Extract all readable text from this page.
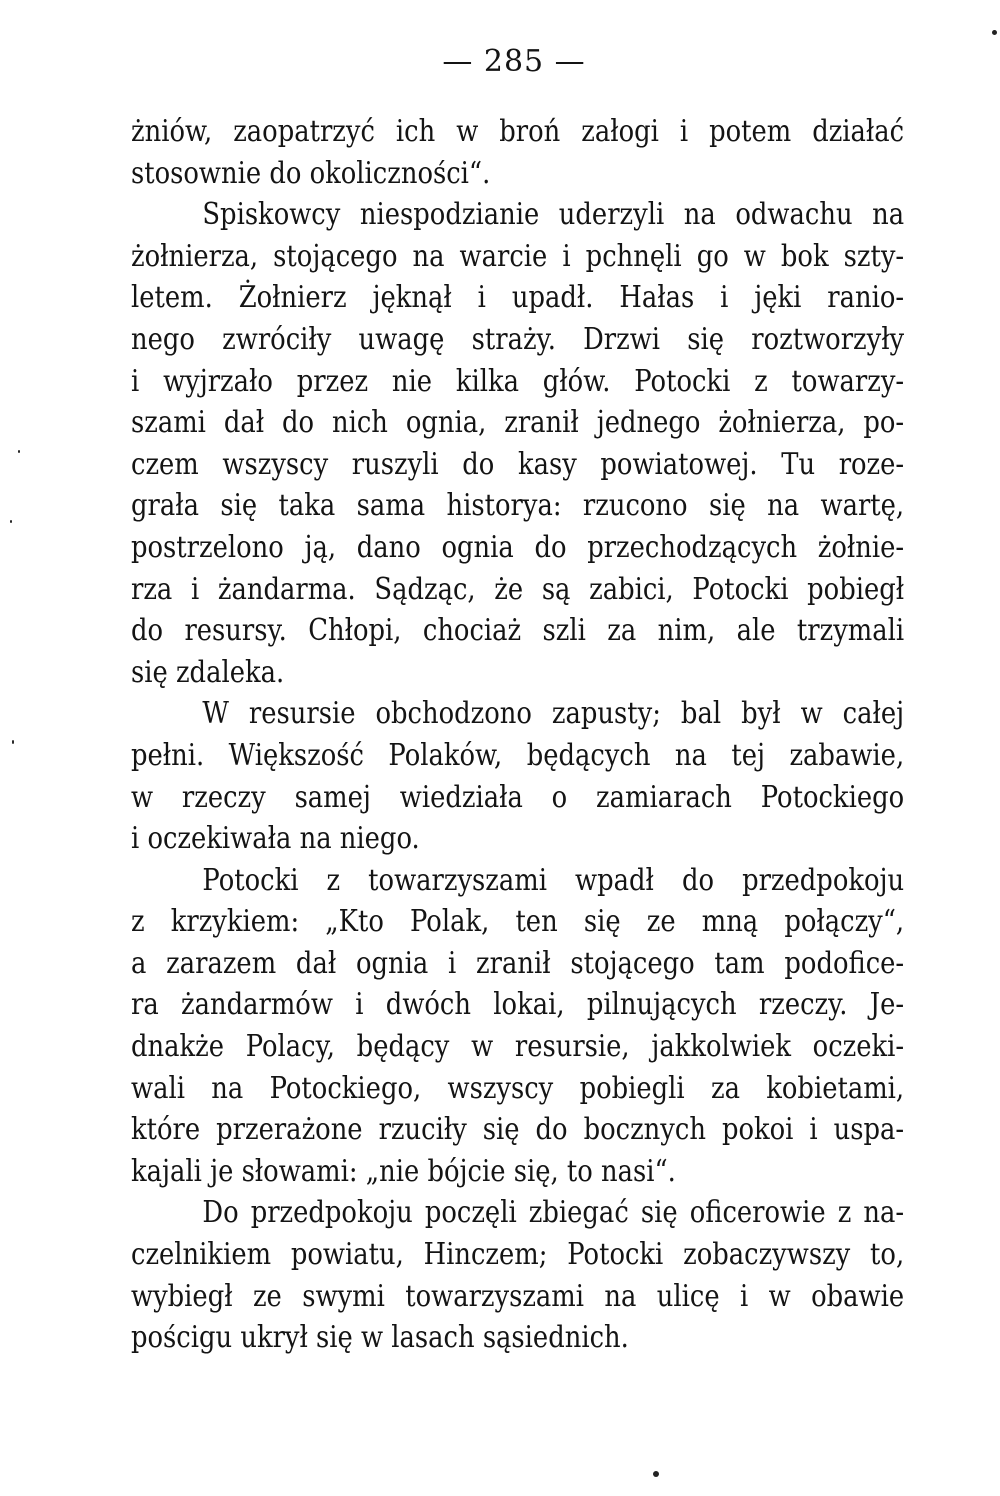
— 285 —
żniów, zaopatrzyć ich w broń załogi i potem działać
stosownie do okoliczności“.
Spiskowcy niespodzianie uderzyli na odwachu na
żołnierza, stojącego na warcie i pchnęli go w bok szty-
letem. Żołnierz jęknął i upadł. Hałas i jęki ranio-
nego zwróciły uwagę straży. Drzwi się roztworzyły
i wyjrzało przez nie kilka głów. Potocki z towarzy-
szami dał do nich ognia, zranił jednego żołnierza, po-
czem wszyscy ruszyli do kasy powiatowej. Tu roze-
grała się taka sama historya: rzucono się na wartę,
postrzelono ją, dano ognia do przechodzących żołnie-
rza i żandarma. Sądząc, że są zabici, Potocki pobiegł
do resursy. Chłopi, chociaż szli za nim, ale trzymali
się zdaleka.
W resursie obchodzono zapusty; bal był w całej
pełni. Większość Polaków, będących na tej zabawie,
w rzeczy samej wiedziała o zamiarach Potockiego
i oczekiwała na niego.
Potocki z towarzyszami wpadł do przedpokoju
z krzykiem: „Kto Polak, ten się ze mną połączy“,
a zarazem dał ognia i zranił stojącego tam podofice-
ra żandarmów i dwóch lokai, pilnujących rzeczy. Je-
dnakże Polacy, będący w resursie, jakkolwiek oczeki-
wali na Potockiego, wszyscy pobiegli za kobietami,
które przerażone rzuciły się do bocznych pokoi i uspa-
kajali je słowami: „nie bójcie się, to nasi“.
Do przedpokoju poczęli zbiegać się oficerowie z na-
czelnikiem powiatu, Hinczem; Potocki zobaczywszy to,
wybiegł ze swymi towarzyszami na ulicę i w obawie
pościgu ukrył się w lasach sąsiednich.
